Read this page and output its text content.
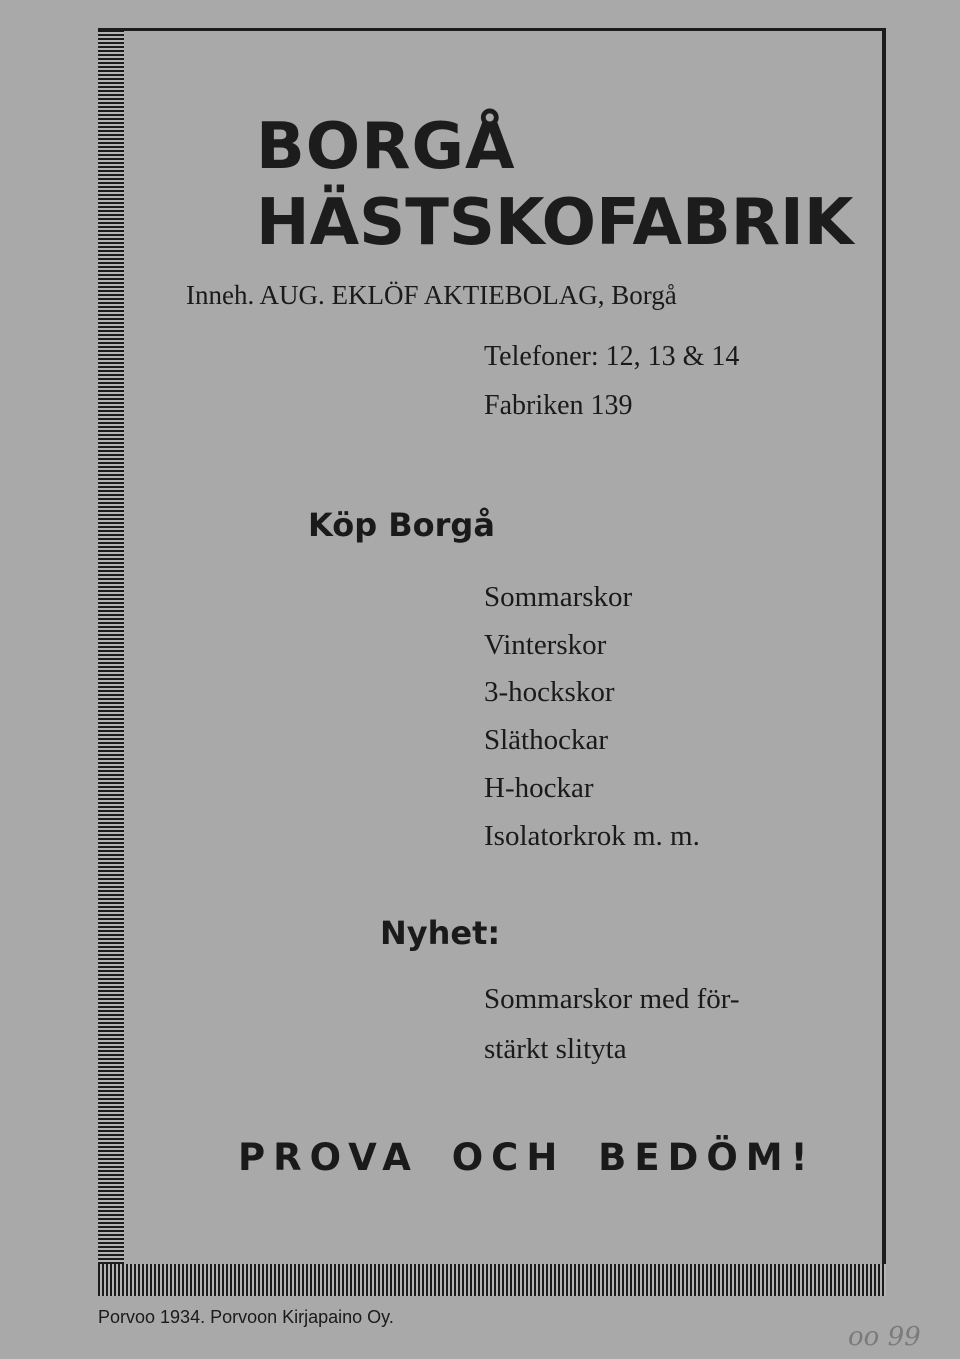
BORGÅ
HÄSTSKOFABRIK
Inneh. AUG. EKLÖF AKTIEBOLAG, Borgå
Telefoner: 12, 13 & 14
Fabriken 139
Köp Borgå
Sommarskor
Vinterskor
3-hockskor
Släthockar
H-hockar
Isolatorkrok m. m.
Nyhet:
Sommarskor med för-
stärkt slityta
PROVA OCH BEDÖM!
Porvoo 1934. Porvoon Kirjapaino Oy.
oo 99
